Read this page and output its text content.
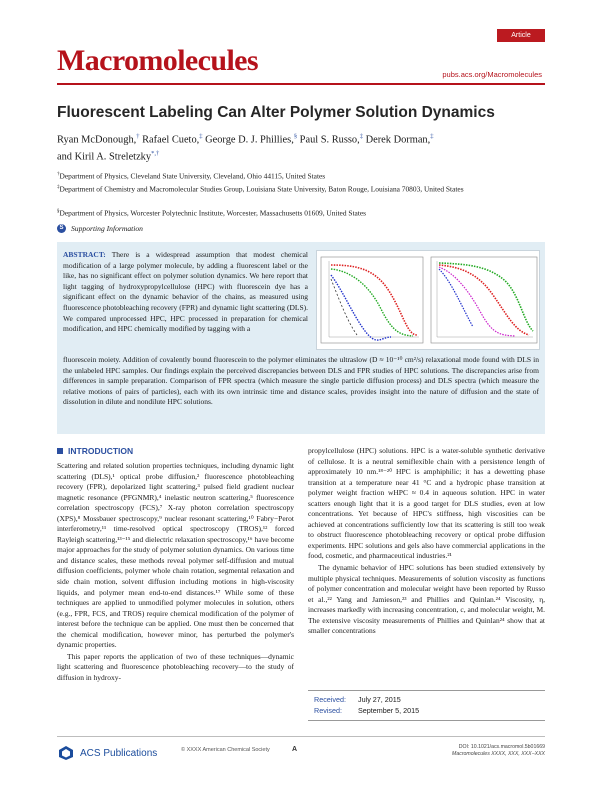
Article
Macromolecules	pubs.acs.org/Macromolecules
Fluorescent Labeling Can Alter Polymer Solution Dynamics
Ryan McDonough,† Rafael Cueto,‡ George D. J. Phillies,§ Paul S. Russo,‡ Derek Dorman,‡
and Kiril A. Streletzky*,†
†Department of Physics, Cleveland State University, Cleveland, Ohio 44115, United States
‡Department of Chemistry and Macromolecular Studies Group, Louisiana State University, Baton Rouge, Louisiana 70803, United States
§Department of Physics, Worcester Polytechnic Institute, Worcester, Massachusetts 01609, United States
S Supporting Information
ABSTRACT: There is a widespread assumption that modest chemical modification of a large polymer molecule, by adding a fluorescent label or the like, has no significant effect on polymer solution dynamics. We here report that light tagging of hydroxypropylcellulose (HPC) with fluorescein dye has a significant effect on the dynamic behavior of the chains, as measured using fluorescence photobleaching recovery (FPR) and dynamic light scattering (DLS). We compared unprocessed HPC, HPC processed in preparation for chemical modification, and HPC chemically modified by tagging with a
fluorescein moiety. Addition of covalently bound fluorescein to the polymer eliminates the ultraslow (D ≈ 10⁻¹⁰ cm²/s) relaxational mode found with DLS in the unlabeled HPC samples. Our findings explain the perceived discrepancies between DLS and FPR studies of HPC solutions. The discrepancies arise from differences in sample preparation. Comparison of FPR spectra (which measure the single particle diffusion process) and DLS spectra (which measure the relative motions of pairs of particles), each with its own intrinsic time and distance scales, provides insight into the nature of diffusion and the state of dissolution in dilute and nondilute HPC solutions.
INTRODUCTION

Scattering and related solution properties techniques, including dynamic light scattering (DLS),¹ optical probe diffusion,² fluorescence photobleaching recovery (FPR), depolarized light scattering,³ pulsed field gradient nuclear magnetic resonance (PFGNMR),⁴ inelastic neutron scattering,⁵ fluorescence correlation spectroscopy (FCS),⁷ X-ray photon correlation spectroscopy (XPS),⁸ Mossbauer spectroscopy,⁹ nuclear resonant scattering,¹⁰ Fabry−Perot interferometry,¹¹ time-resolved optical spectroscopy (TROS),¹² forced Rayleigh scattering,¹³⁻¹⁵ and dielectric relaxation spectroscopy,¹⁶ have become major approaches for the study of polymer solution dynamics. On various time and distance scales, these methods reveal polymer self-diffusion and mutual diffusion coefficients, polymer whole chain rotation, segmental relaxation and side chain motion, solvent diffusion including motions in high-viscosity liquids, and polymer mean end-to-end distances.¹⁷ While some of these techniques are applied to unmodified polymer molecules in solution, others (e.g., FPR, FCS, and TROS) require chemical modification of the polymer of interest before the technique can be applied. One must then be concerned that the chemical modification, however minor, has perturbed the polymer's dynamic properties.

This paper reports the application of two of these techniques—dynamic light scattering and fluorescence photobleaching recovery—to the study of diffusion in hydroxy-

propylcellulose (HPC) solutions. HPC is a water-soluble synthetic derivative of cellulose. It is a neutral semiflexible chain with a persistence length of approximately 10 nm.¹⁸⁻²⁰ HPC is amphiphilic; it has a dewetting phase transition at a temperature near 41 °C and a hydropic phase transition at polymer weight fraction wHPC ≈ 0.4 in aqueous solution. HPC in water scatters enough light that it is a good target for DLS studies, even at low concentrations. Yet because of HPC's stiffness, high viscosities can be achieved at concentrations sufficiently low that its scattering is still too weak to obstruct fluorescence photobleaching recovery or optical probe diffusion experiments. HPC solutions and gels also have commercial applications in the food, cosmetic, and pharmaceutical industries.²¹

The dynamic behavior of HPC solutions has been studied extensively by multiple physical techniques. Measurements of solution viscosity as functions of polymer concentration and molecular weight have been reported by Russo et al.,²² Yang and Jamieson,²³ and Phillies and Quinlan.²⁴ Viscosity, η, increases markedly with increasing concentration, c, and molecular weight, M. The extensive viscosity measurements of Phillies and Quinlan²⁴ show that at smaller concentrations

Received: July 27, 2015
Revised: September 5, 2015
ACS Publications	© XXXX American Chemical Society	A	DOI: 10.1021/acs.macromol.5b01669
Macromolecules XXXX, XXX, XXX−XXX
